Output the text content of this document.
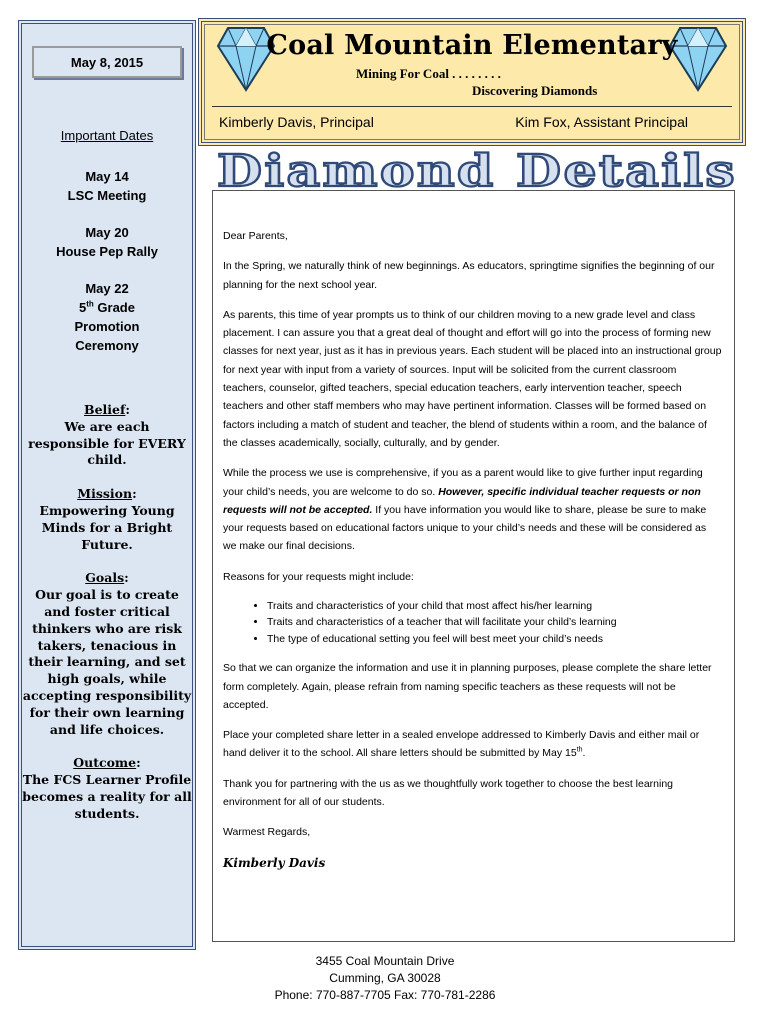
May 8, 2015
Important Dates
May 14
LSC Meeting
May 20
House Pep Rally
May 22
5th Grade
Promotion
Ceremony
Belief:
We are each responsible for EVERY child.
Mission:
Empowering Young Minds for a Bright Future.
Goals:
Our goal is to create and foster critical thinkers who are risk takers, tenacious in their learning, and set high goals, while accepting responsibility for their own learning and life choices.
Outcome:
The FCS Learner Profile becomes a reality for all students.
Coal Mountain Elementary
Mining For Coal . . . . . . . .
Discovering Diamonds
Kimberly Davis, Principal	Kim Fox, Assistant Principal
Diamond Details

Dear Parents,

In the Spring, we naturally think of new beginnings. As educators, springtime signifies the beginning of our planning for the next school year.

As parents, this time of year prompts us to think of our children moving to a new grade level and class placement. I can assure you that a great deal of thought and effort will go into the process of forming new classes for next year, just as it has in previous years. Each student will be placed into an instructional group for next year with input from a variety of sources. Input will be solicited from the current classroom teachers, counselor, gifted teachers, special education teachers, early intervention teacher, speech teachers and other staff members who may have pertinent information. Classes will be formed based on factors including a match of student and teacher, the blend of students within a room, and the balance of the classes academically, socially, culturally, and by gender.

While the process we use is comprehensive, if you as a parent would like to give further input regarding your child’s needs, you are welcome to do so. However, specific individual teacher requests or non requests will not be accepted. If you have information you would like to share, please be sure to make your requests based on educational factors unique to your child’s needs and these will be considered as we make our final decisions.

Reasons for your requests might include:

• Traits and characteristics of your child that most affect his/her learning
• Traits and characteristics of a teacher that will facilitate your child’s learning
• The type of educational setting you feel will best meet your child’s needs

So that we can organize the information and use it in planning purposes, please complete the share letter form completely. Again, please refrain from naming specific teachers as these requests will not be accepted.

Place your completed share letter in a sealed envelope addressed to Kimberly Davis and either mail or hand deliver it to the school. All share letters should be submitted by May 15th.

Thank you for partnering with the us as we thoughtfully work together to choose the best learning environment for all of our students.

Warmest Regards,

Kimberly Davis
3455 Coal Mountain Drive
Cumming, GA 30028
Phone: 770-887-7705 Fax: 770-781-2286
